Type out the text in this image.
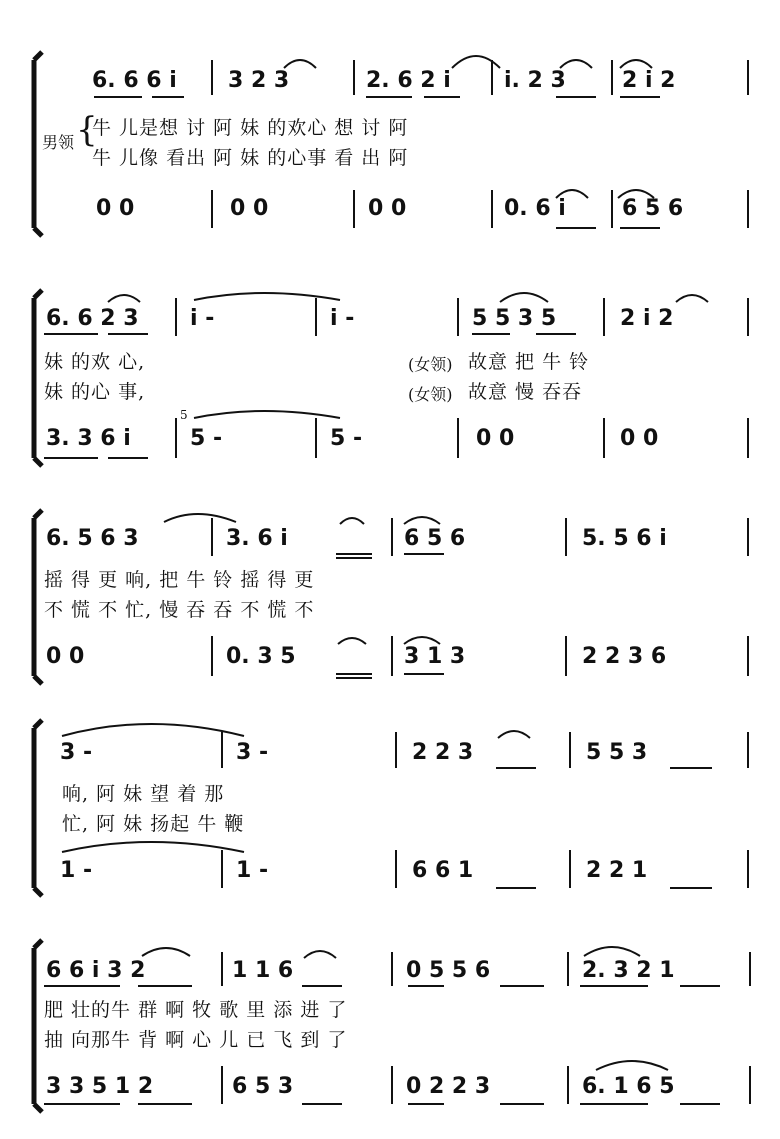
男领 {
6. 6 6 i 3 2 3	2. 6 2 i i. 2 3	2 i 2
牛 儿是想 讨 阿 妹 的欢心 想 讨 阿
牛 儿像 看出 阿 妹 的心事 看 出 阿
0 0	0 0	0 0	0. 6 i	6 5 6
6. 6 2 3 i -	i -	5 5 3 5	2 i 2
妹 的欢 心,
妹 的心 事,
(女领)
(女领)
故意 把 牛 铃
故意 慢 吞吞
3. 3 6 i	5 -	5 -	0 0	0 0
5
6. 5 6 3	3. 6 i	6 5 6	5. 5 6 i
摇 得 更 响, 把 牛 铃 摇 得 更
不 慌 不 忙, 慢 吞 吞 不 慌 不
0 0	0. 3 5	3 1 3	2 2 3 6
3 -	3 -	2 2 3	5 5 3
响, 阿 妹 望 着 那
忙, 阿 妹 扬起 牛 鞭
1 -	1 -	6 6 1	2 2 1
6 6 i 3 2	1 1 6	0 5 5 6	2. 3 2 1
肥 壮的牛 群 啊 牧 歌 里 添 进 了
抽 向那牛 背 啊 心 儿 已 飞 到 了
3 3 5 1 2	6 5 3	0 2 2 3	6. 1 6 5
